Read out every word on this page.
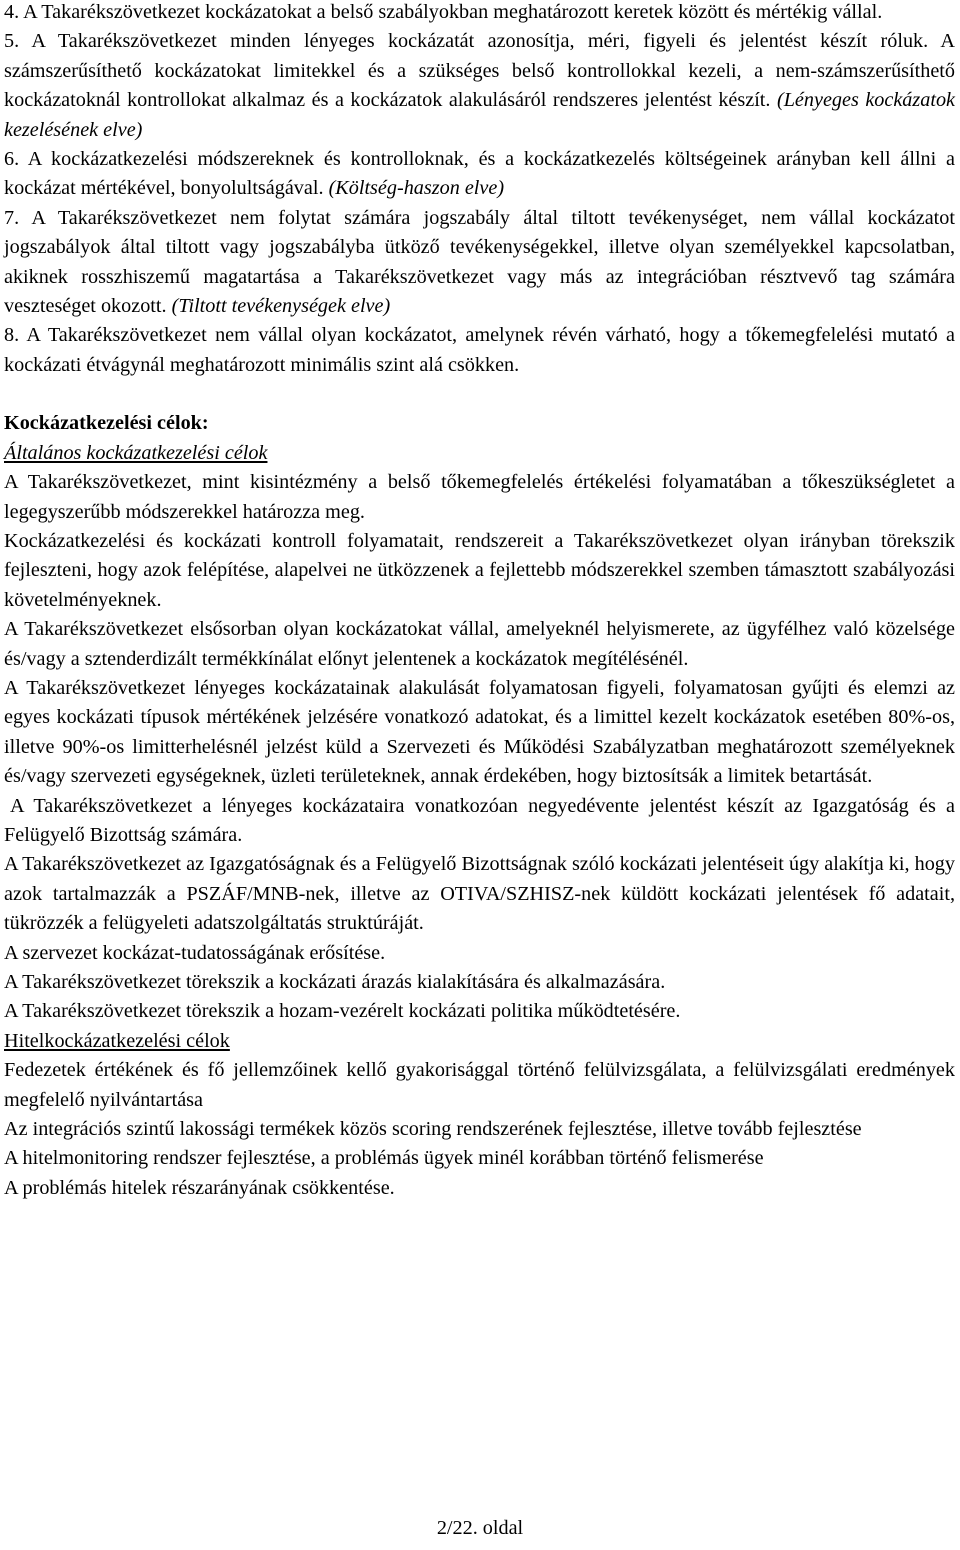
4. A Takarékszövetkezet kockázatokat a belső szabályokban meghatározott keretek között és mértékig vállal.

5. A Takarékszövetkezet minden lényeges kockázatát azonosítja, méri, figyeli és jelentést készít róluk. A számszerűsíthető kockázatokat limitekkel és a szükséges belső kontrollokkal kezeli, a nem-számszerűsíthető kockázatoknál kontrollokat alkalmaz és a kockázatok alakulásáról rendszeres jelentést készít. (Lényeges kockázatok kezelésének elve)

6. A kockázatkezelési módszereknek és kontrolloknak, és a kockázatkezelés költségeinek arányban kell állni a kockázat mértékével, bonyolultságával. (Költség-haszon elve)

7. A Takarékszövetkezet nem folytat számára jogszabály által tiltott tevékenységet, nem vállal kockázatot jogszabályok által tiltott vagy jogszabályba ütköző tevékenységekkel, illetve olyan személyekkel kapcsolatban, akiknek rosszhiszemű magatartása a Takarékszövetkezet vagy más az integrációban résztvevő tag számára veszteséget okozott. (Tiltott tevékenységek elve)

8. A Takarékszövetkezet nem vállal olyan kockázatot, amelynek révén várható, hogy a tőkemegfelelési mutató a kockázati étvágynál meghatározott minimális szint alá csökken.

Kockázatkezelési célok:

Általános kockázatkezelési célok

A Takarékszövetkezet, mint kisintézmény a belső tőkemegfelelés értékelési folyamatában a tőkeszükségletet a legegyszerűbb módszerekkel határozza meg.

Kockázatkezelési és kockázati kontroll folyamatait, rendszereit a Takarékszövetkezet olyan irányban törekszik fejleszteni, hogy azok felépítése, alapelvei ne ütközzenek a fejlettebb módszerekkel szemben támasztott szabályozási követelményeknek.

A Takarékszövetkezet elsősorban olyan kockázatokat vállal, amelyeknél helyismerete, az ügyfélhez való közelsége és/vagy a sztenderdizált termékkínálat előnyt jelentenek a kockázatok megítélésénél.

A Takarékszövetkezet lényeges kockázatainak alakulását folyamatosan figyeli, folyamatosan gyűjti és elemzi az egyes kockázati típusok mértékének jelzésére vonatkozó adatokat, és a limittel kezelt kockázatok esetében 80%-os, illetve 90%-os limitterhelésnél jelzést küld a Szervezeti és Működési Szabályzatban meghatározott személyeknek és/vagy szervezeti egységeknek, üzleti területeknek, annak érdekében, hogy biztosítsák a limitek betartását.

A Takarékszövetkezet a lényeges kockázataira vonatkozóan negyedévente jelentést készít az Igazgatóság és a Felügyelő Bizottság számára.

A Takarékszövetkezet az Igazgatóságnak és a Felügyelő Bizottságnak szóló kockázati jelentéseit úgy alakítja ki, hogy azok tartalmazzák a PSZÁF/MNB-nek, illetve az OTIVA/SZHISZ-nek küldött kockázati jelentések fő adatait, tükrözzék a felügyeleti adatszolgáltatás struktúráját.

A szervezet kockázat-tudatosságának erősítése.

A Takarékszövetkezet törekszik a kockázati árazás kialakítására és alkalmazására.

A Takarékszövetkezet törekszik a hozam-vezérelt kockázati politika működtetésére.

Hitelkockázatkezelési célok

Fedezetek értékének és fő jellemzőinek kellő gyakorisággal történő felülvizsgálata, a felülvizsgálati eredmények megfelelő nyilvántartása

Az integrációs szintű lakossági termékek közös scoring rendszerének fejlesztése, illetve tovább fejlesztése

A hitelmonitoring rendszer fejlesztése, a problémás ügyek minél korábban történő felismerése

A problémás hitelek részarányának csökkentése.

2/22. oldal
